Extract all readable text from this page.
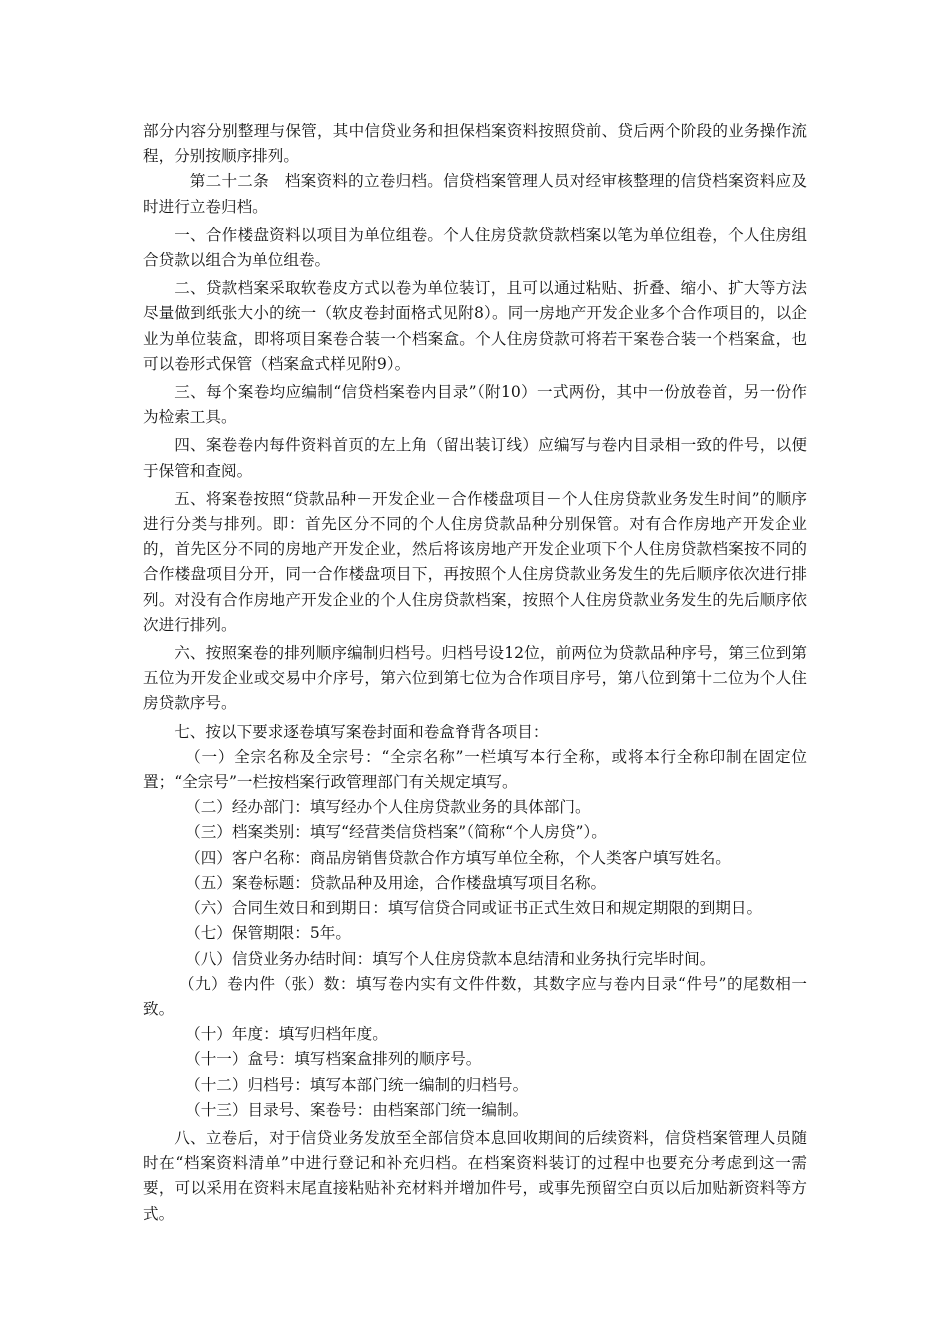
部分内容分别整理与保管，其中信贷业务和担保档案资料按照贷前、贷后两个阶段的业务操作流程，分别按顺序排列。

第二十二条　档案资料的立卷归档。信贷档案管理人员对经审核整理的信贷档案资料应及时进行立卷归档。

一、合作楼盘资料以项目为单位组卷。个人住房贷款贷款档案以笔为单位组卷，个人住房组合贷款以组合为单位组卷。

二、贷款档案采取软卷皮方式以卷为单位装订，且可以通过粘贴、折叠、缩小、扩大等方法尽量做到纸张大小的统一（软皮卷封面格式见附8）。同一房地产开发企业多个合作项目的，以企业为单位装盒，即将项目案卷合装一个档案盒。个人住房贷款可将若干案卷合装一个档案盒，也可以卷形式保管（档案盒式样见附9）。

三、每个案卷均应编制“信贷档案卷内目录”（附10）一式两份，其中一份放卷首，另一份作为检索工具。

四、案卷卷内每件资料首页的左上角（留出装订线）应编写与卷内目录相一致的件号，以便于保管和查阅。

五、将案卷按照“贷款品种－开发企业－合作楼盘项目－个人住房贷款业务发生时间”的顺序进行分类与排列。即：首先区分不同的个人住房贷款品种分别保管。对有合作房地产开发企业的，首先区分不同的房地产开发企业，然后将该房地产开发企业项下个人住房贷款档案按不同的合作楼盘项目分开，同一合作楼盘项目下，再按照个人住房贷款业务发生的先后顺序依次进行排列。对没有合作房地产开发企业的个人住房贷款档案，按照个人住房贷款业务发生的先后顺序依次进行排列。

六、按照案卷的排列顺序编制归档号。归档号设12位，前两位为贷款品种序号，第三位到第五位为开发企业或交易中介序号，第六位到第七位为合作项目序号，第八位到第十二位为个人住房贷款序号。

七、按以下要求逐卷填写案卷封面和卷盒脊背各项目：

（一）全宗名称及全宗号：“全宗名称”一栏填写本行全称，或将本行全称印制在固定位置；“全宗号”一栏按档案行政管理部门有关规定填写。

（二）经办部门：填写经办个人住房贷款业务的具体部门。

（三）档案类别：填写“经营类信贷档案”（简称“个人房贷”）。

（四）客户名称：商品房销售贷款合作方填写单位全称，个人类客户填写姓名。

（五）案卷标题：贷款品种及用途，合作楼盘填写项目名称。

（六）合同生效日和到期日：填写信贷合同或证书正式生效日和规定期限的到期日。

（七）保管期限：5年。

（八）信贷业务办结时间：填写个人住房贷款本息结清和业务执行完毕时间。

（九）卷内件（张）数：填写卷内实有文件件数，其数字应与卷内目录“件号”的尾数相一致。

（十）年度：填写归档年度。

（十一）盒号：填写档案盒排列的顺序号。

（十二）归档号：填写本部门统一编制的归档号。

（十三）目录号、案卷号：由档案部门统一编制。

八、立卷后，对于信贷业务发放至全部信贷本息回收期间的后续资料，信贷档案管理人员随时在“档案资料清单”中进行登记和补充归档。在档案资料装订的过程中也要充分考虑到这一需要，可以采用在资料末尾直接粘贴补充材料并增加件号，或事先预留空白页以后加贴新资料等方式。
